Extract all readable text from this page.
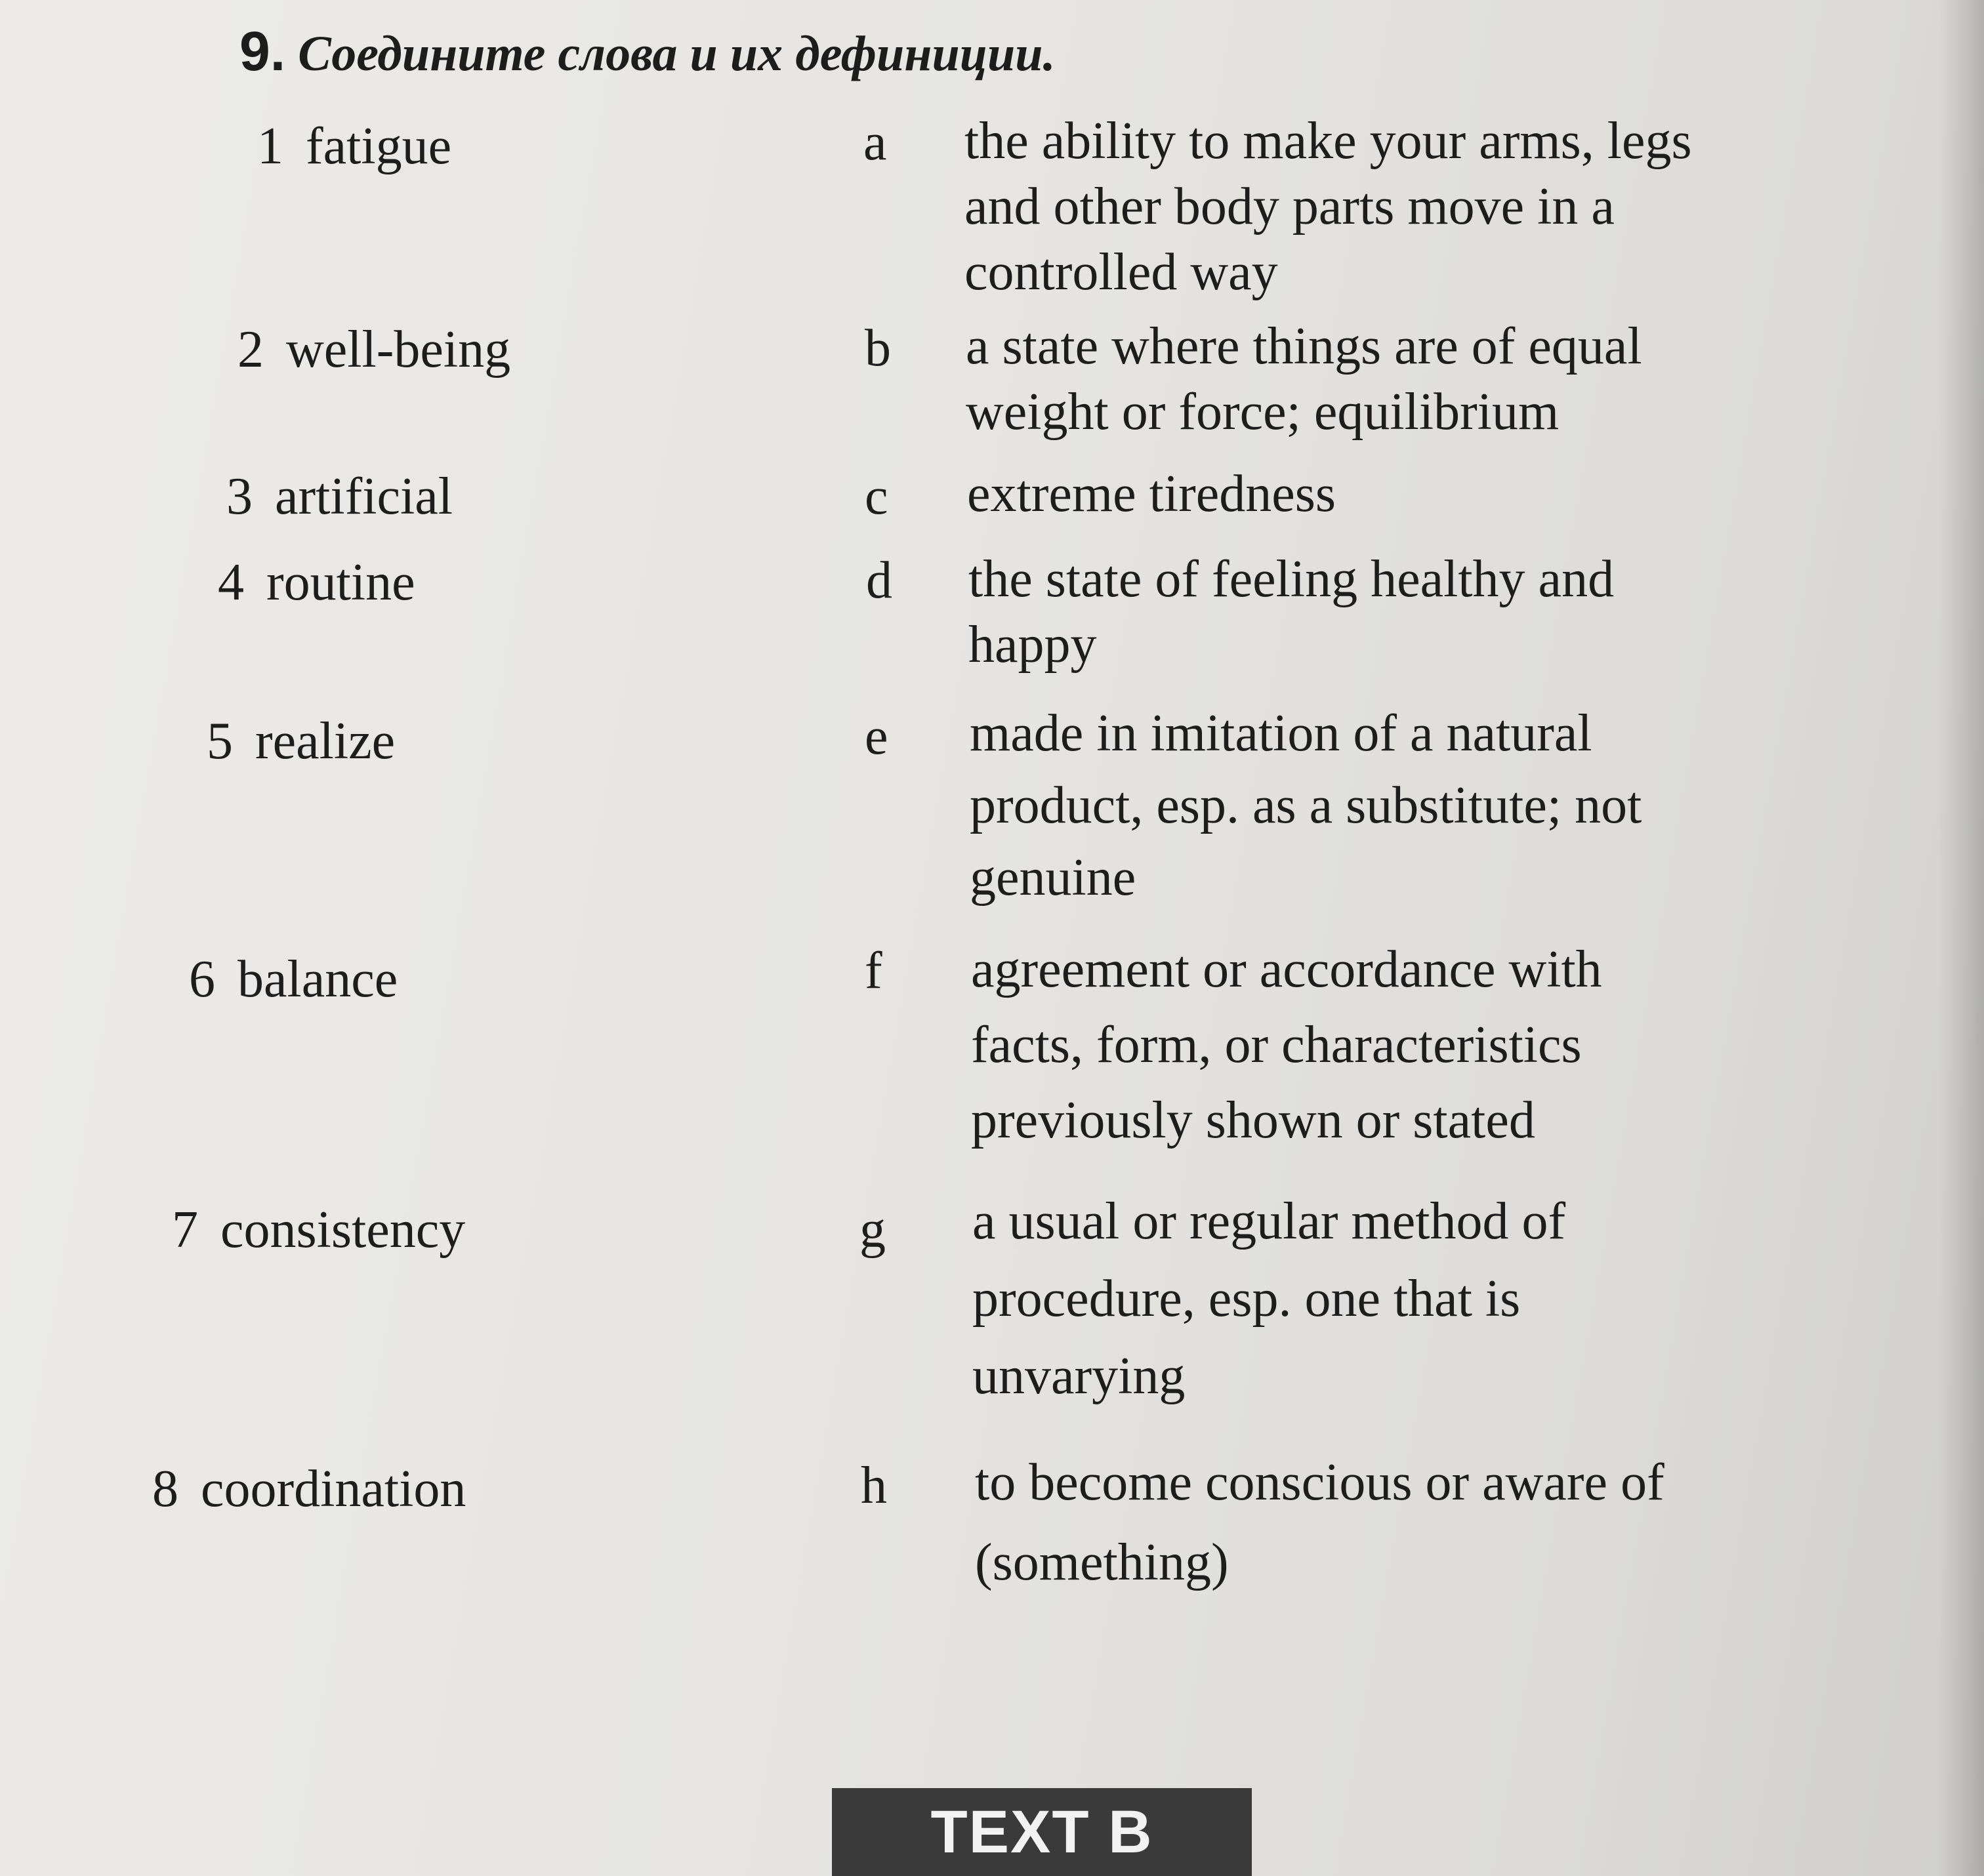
9. Соедините слова и их дефиниции.
1 fatigue
2 well-being
3 artificial
4 routine
5 realize
6 balance
7 consistency
8 coordination
a
b
c
d
e
f
g
h
the ability to make your arms, legs
and other body parts move in a
controlled way
a state where things are of equal
weight or force; equilibrium
extreme tiredness
the state of feeling healthy and
happy
made in imitation of a natural
product, esp. as a substitute; not
genuine
agreement or accordance with
facts, form, or characteristics
previously shown or stated
a usual or regular method of
procedure, esp. one that is
unvarying
to become conscious or aware of
(something)
TEXT B
